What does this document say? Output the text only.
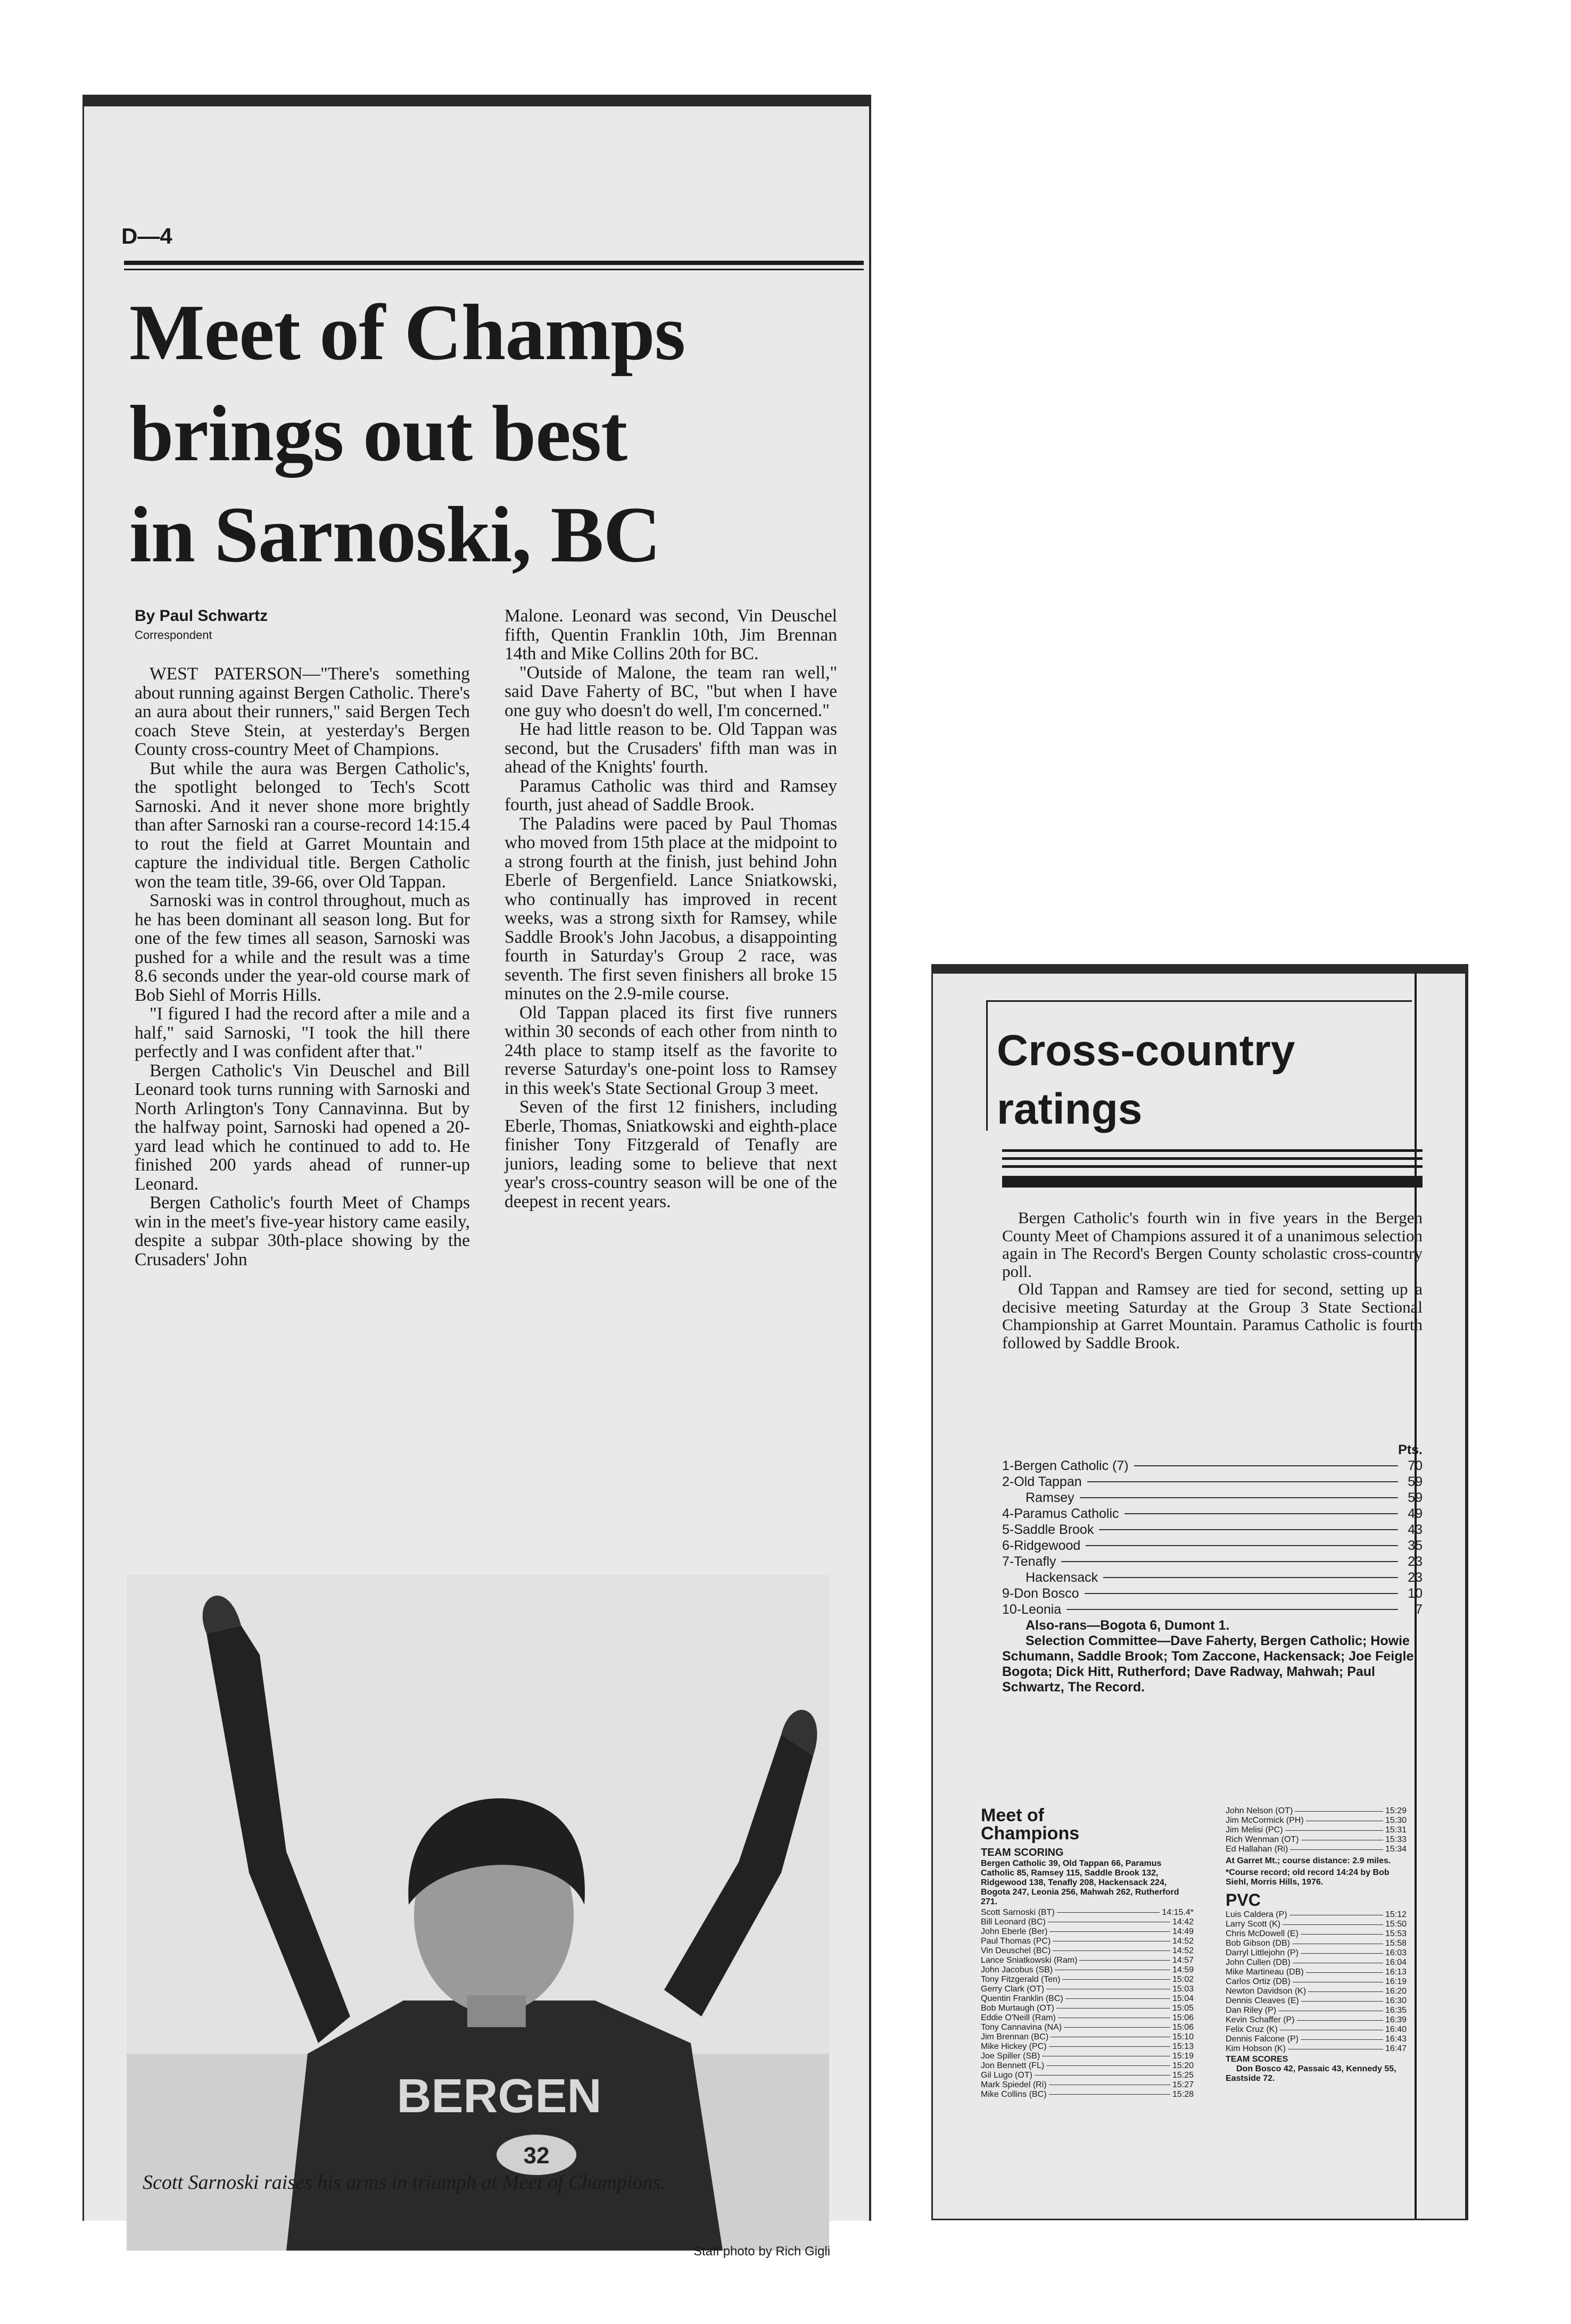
D—4
Meet of Champs
brings out best
in Sarnoski, BC
By Paul Schwartz
Correspondent

WEST PATERSON—"There's something about running against Bergen Catholic. There's an aura about their runners," said Bergen Tech coach Steve Stein, at yesterday's Bergen County cross-country Meet of Champions.

But while the aura was Bergen Catholic's, the spotlight belonged to Tech's Scott Sarnoski. And it never shone more brightly than after Sarnoski ran a course-record 14:15.4 to rout the field at Garret Mountain and capture the individual title. Bergen Catholic won the team title, 39-66, over Old Tappan.

Sarnoski was in control throughout, much as he has been dominant all season long. But for one of the few times all season, Sarnoski was pushed for a while and the result was a time 8.6 seconds under the year-old course mark of Bob Siehl of Morris Hills.

"I figured I had the record after a mile and a half," said Sarnoski, "I took the hill there perfectly and I was confident after that."

Bergen Catholic's Vin Deuschel and Bill Leonard took turns running with Sarnoski and North Arlington's Tony Cannavinna. But by the halfway point, Sarnoski had opened a 20-yard lead which he continued to add to. He finished 200 yards ahead of runner-up Leonard.

Bergen Catholic's fourth Meet of Champs win in the meet's five-year history came easily, despite a subpar 30th-place showing by the Crusaders' John

Malone. Leonard was second, Vin Deuschel fifth, Quentin Franklin 10th, Jim Brennan 14th and Mike Collins 20th for BC.

"Outside of Malone, the team ran well," said Dave Faherty of BC, "but when I have one guy who doesn't do well, I'm concerned."

He had little reason to be. Old Tappan was second, but the Crusaders' fifth man was in ahead of the Knights' fourth.

Paramus Catholic was third and Ramsey fourth, just ahead of Saddle Brook.

The Paladins were paced by Paul Thomas who moved from 15th place at the midpoint to a strong fourth at the finish, just behind John Eberle of Bergenfield. Lance Sniatkowski, who continually has improved in recent weeks, was a strong sixth for Ramsey, while Saddle Brook's John Jacobus, a disappointing fourth in Saturday's Group 2 race, was seventh. The first seven finishers all broke 15 minutes on the 2.9-mile course.

Old Tappan placed its first five runners within 30 seconds of each other from ninth to 24th place to stamp itself as the favorite to reverse Saturday's one-point loss to Ramsey in this week's State Sectional Group 3 meet.

Seven of the first 12 finishers, including Eberle, Thomas, Sniatkowski and eighth-place finisher Tony Fitzgerald of Tenafly are juniors, leading some to believe that next year's cross-country season will be one of the deepest in recent years.

BERGEN
32
Staff photo by Rich Gigli
Scott Sarnoski raises his arms in triumph at Meet of Champions.
Cross-country
ratings

Bergen Catholic's fourth win in five years in the Bergen County Meet of Champions assured it of a unanimous selection again in The Record's Bergen County scholastic cross-country poll.

Old Tappan and Ramsey are tied for second, setting up a decisive meeting Saturday at the Group 3 State Sectional Championship at Garret Mountain. Paramus Catholic is fourth followed by Saddle Brook.

Pts.
1-Bergen Catholic (7)	70
2-Old Tappan	59
Ramsey	59
4-Paramus Catholic	49
5-Saddle Brook	43
6-Ridgewood	35
7-Tenafly	23
Hackensack	23
9-Don Bosco	10
10-Leonia	7
Also-rans—Bogota 6, Dumont 1.
Selection Committee—Dave Faherty, Bergen Catholic; Howie Schumann, Saddle Brook; Tom Zaccone, Hackensack; Joe Feigle, Bogota; Dick Hitt, Rutherford; Dave Radway, Mahwah; Paul Schwartz, The Record.
Meet of Champions
TEAM SCORING
Bergen Catholic 39, Old Tappan 66, Paramus Catholic 85, Ramsey 115, Saddle Brook 132, Ridgewood 138, Tenafly 208, Hackensack 224, Bogota 247, Leonia 256, Mahwah 262, Rutherford 271.
Scott Sarnoski (BT)	14:15.4*
Bill Leonard (BC)	14:42
John Eberle (Ber)	14:49
Paul Thomas (PC)	14:52
Vin Deuschel (BC)	14:52
Lance Sniatkowski (Ram)	14:57
John Jacobus (SB)	14:59
Tony Fitzgerald (Ten)	15:02
Gerry Clark (OT)	15:03
Quentin Franklin (BC)	15:04
Bob Murtaugh (OT)	15:05
Eddie O'Neill (Ram)	15:06
Tony Cannavina (NA)	15:06
Jim Brennan (BC)	15:10
Mike Hickey (PC)	15:13
Joe Spiller (SB)	15:19
Jon Bennett (FL)	15:20
Gil Lugo (OT)	15:25
Mark Spiedel (Ri)	15:27
Mike Collins (BC)	15:28
John Nelson (OT)	15:29
Jim McCormick (PH)	15:30
Jim Melisi (PC)	15:31
Rich Wenman (OT)	15:33
Ed Hallahan (Ri)	15:34
At Garret Mt.; course distance: 2.9 miles.
*Course record; old record 14:24 by Bob Siehl, Morris Hills, 1976.
PVC
Luis Caldera (P)	15:12
Larry Scott (K)	15:50
Chris McDowell (E)	15:53
Bob Gibson (DB)	15:58
Darryl Littlejohn (P)	16:03
John Cullen (DB)	16:04
Mike Martineau (DB)	16:13
Carlos Ortiz (DB)	16:19
Newton Davidson (K)	16:20
Dennis Cleaves (E)	16:30
Dan Riley (P)	16:35
Kevin Schaffer (P)	16:39
Felix Cruz (K)	16:40
Dennis Falcone (P)	16:43
Kim Hobson (K)	16:47
TEAM SCORES
Don Bosco 42, Passaic 43, Kennedy 55, Eastside 72.
